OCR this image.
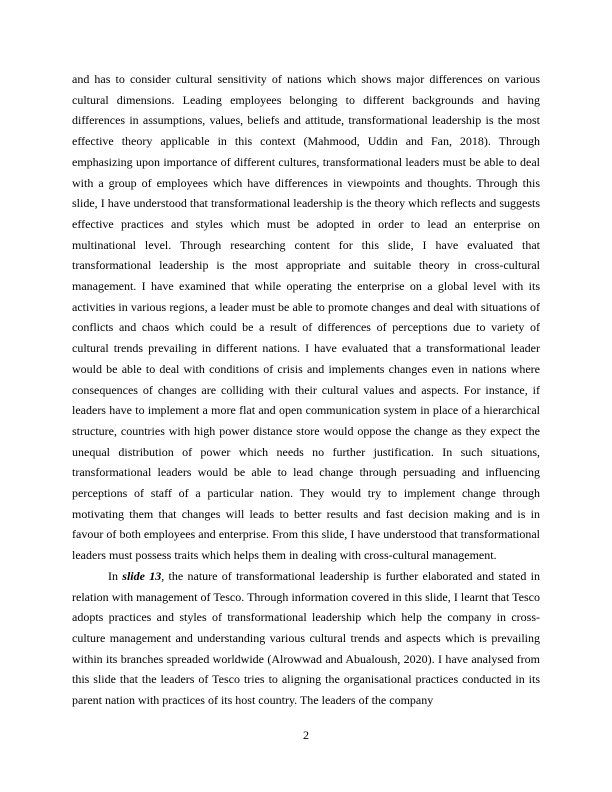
and has to consider cultural sensitivity of nations which shows major differences on various cultural dimensions. Leading employees belonging to different backgrounds and having differences in assumptions, values, beliefs and attitude, transformational leadership is the most effective theory applicable in this context (Mahmood, Uddin and Fan, 2018). Through emphasizing upon importance of different cultures, transformational leaders must be able to deal with a group of employees which have differences in viewpoints and thoughts. Through this slide, I have understood that transformational leadership is the theory which reflects and suggests effective practices and styles which must be adopted in order to lead an enterprise on multinational level. Through researching content for this slide, I have evaluated that transformational leadership is the most appropriate and suitable theory in cross-cultural management. I have examined that while operating the enterprise on a global level with its activities in various regions, a leader must be able to promote changes and deal with situations of conflicts and chaos which could be a result of differences of perceptions due to variety of cultural trends prevailing in different nations. I have evaluated that a transformational leader would be able to deal with conditions of crisis and implements changes even in nations where consequences of changes are colliding with their cultural values and aspects. For instance, if leaders have to implement a more flat and open communication system in place of a hierarchical structure, countries with high power distance store would oppose the change as they expect the unequal distribution of power which needs no further justification. In such situations, transformational leaders would be able to lead change through persuading and influencing perceptions of staff of a particular nation. They would try to implement change through motivating them that changes will leads to better results and fast decision making and is in favour of both employees and enterprise. From this slide, I have understood that transformational leaders must possess traits which helps them in dealing with cross-cultural management.

In slide 13, the nature of transformational leadership is further elaborated and stated in relation with management of Tesco. Through information covered in this slide, I learnt that Tesco adopts practices and styles of transformational leadership which help the company in cross-culture management and understanding various cultural trends and aspects which is prevailing within its branches spreaded worldwide (Alrowwad and Abualoush, 2020). I have analysed from this slide that the leaders of Tesco tries to aligning the organisational practices conducted in its parent nation with practices of its host country. The leaders of the company

2
